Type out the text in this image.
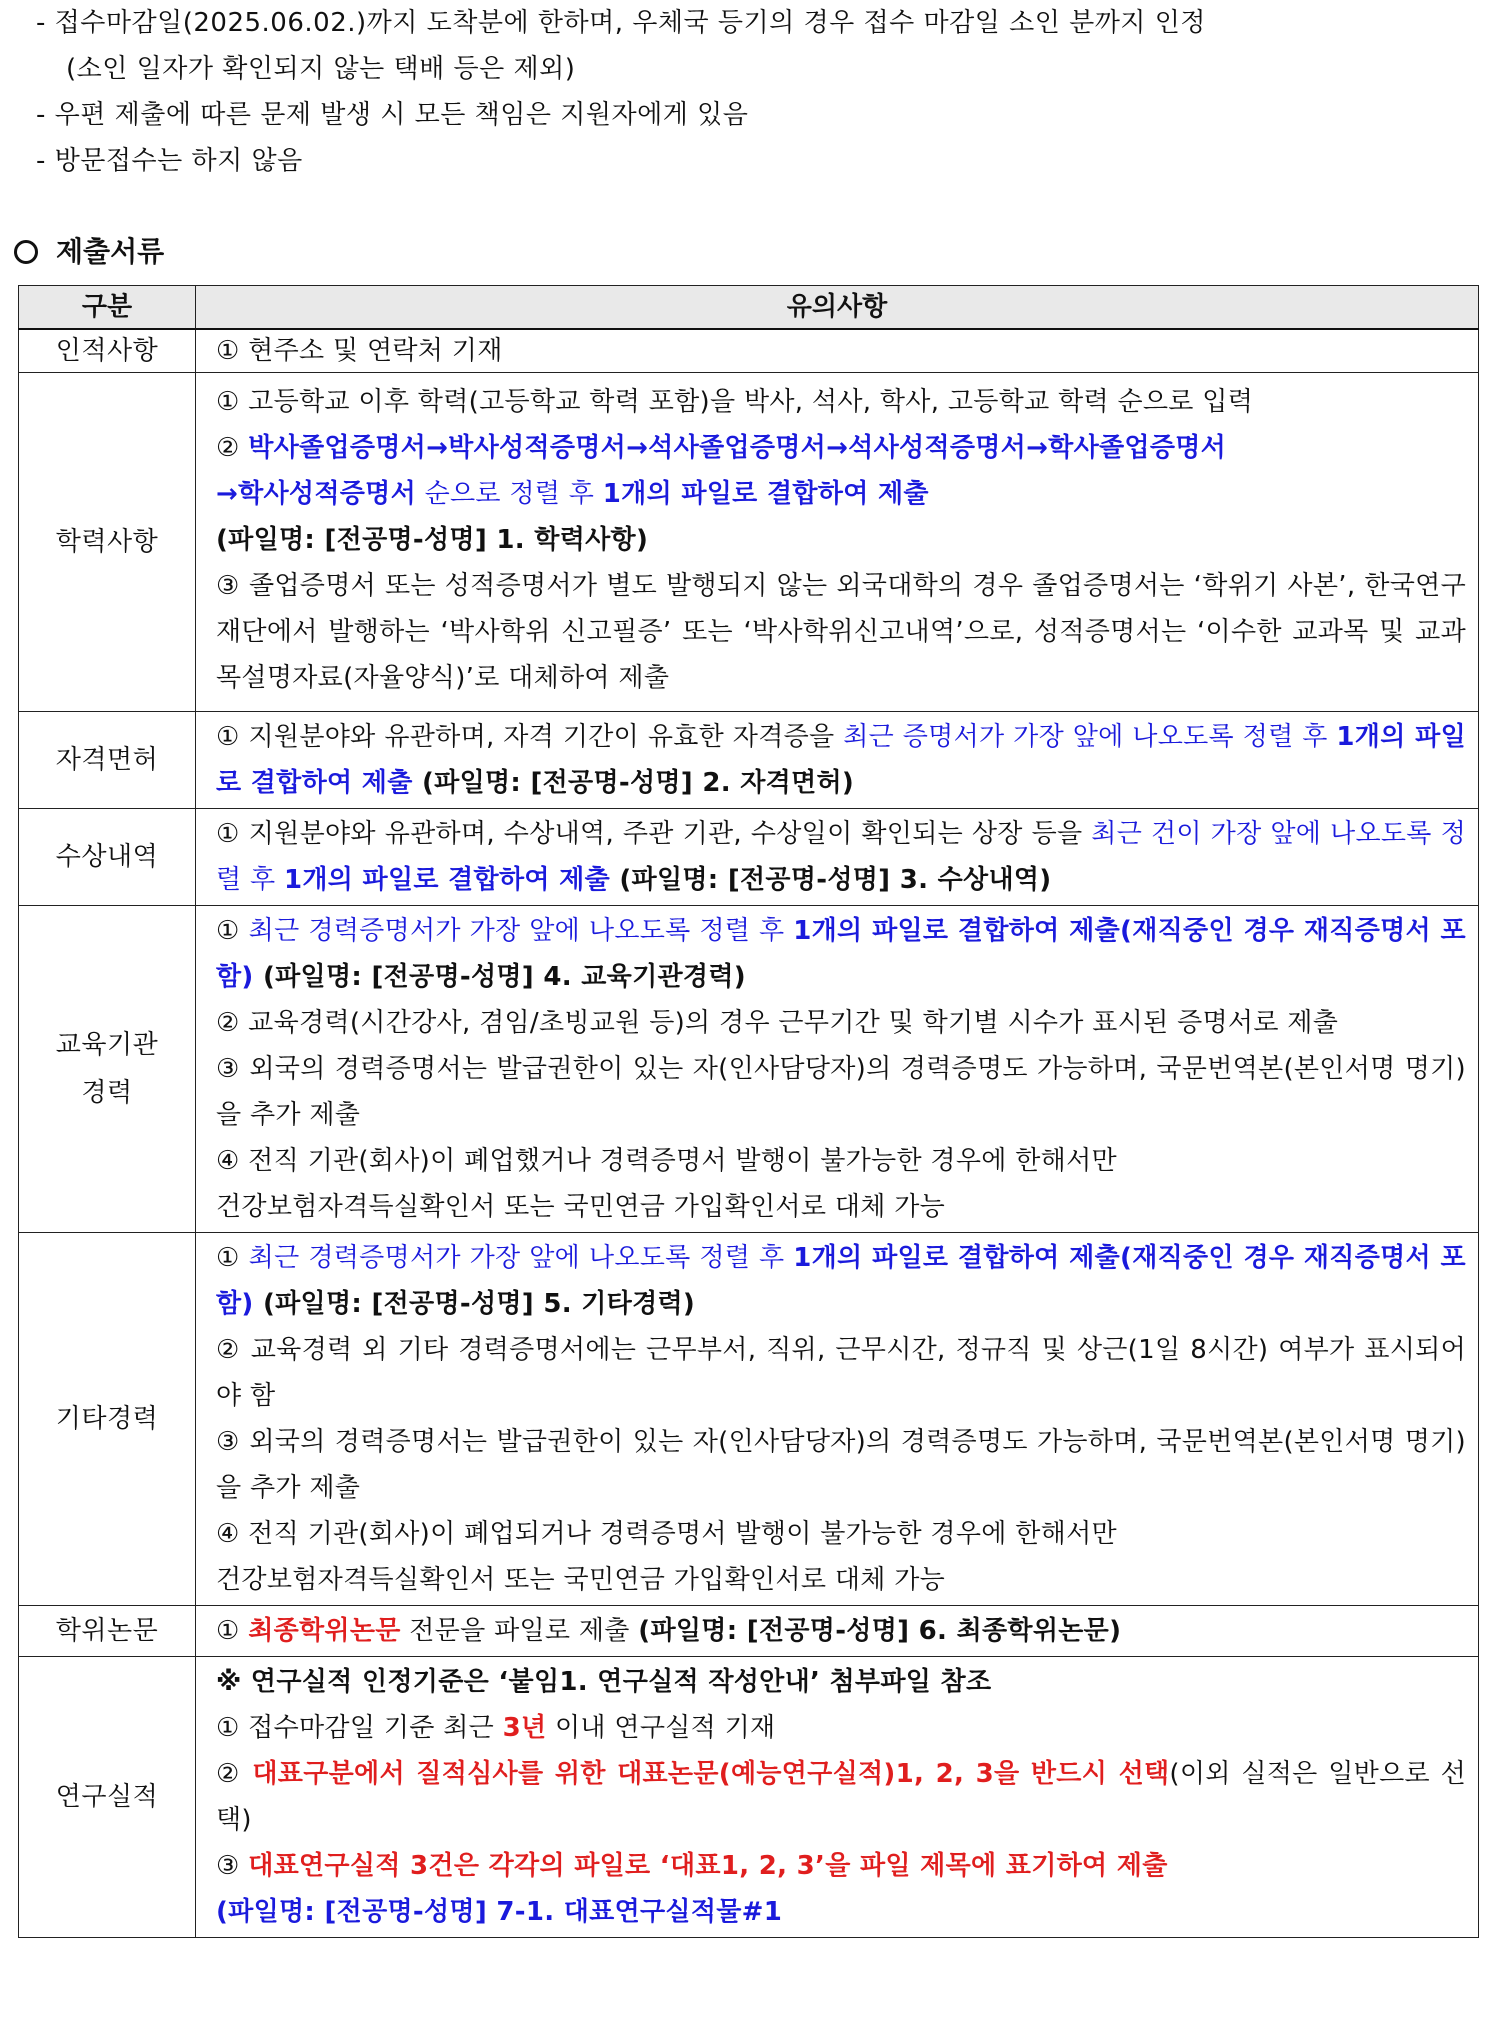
- 접수마감일(2025.06.02.)까지 도착분에 한하며, 우체국 등기의 경우 접수 마감일 소인 분까지 인정
(소인 일자가 확인되지 않는 택배 등은 제외)
- 우편 제출에 따른 문제 발생 시 모든 책임은 지원자에게 있음
- 방문접수는 하지 않음
제출서류
구분	유의사항
인적사항	① 현주소 및 연락처 기재
학력사항	① 고등학교 이후 학력(고등학교 학력 포함)을 박사, 석사, 학사, 고등학교 학력 순으로 입력
② 박사졸업증명서→박사성적증명서→석사졸업증명서→석사성적증명서→학사졸업증명서
→학사성적증명서 순으로 정렬 후 1개의 파일로 결합하여 제출
(파일명: [전공명-성명] 1. 학력사항)
③ 졸업증명서 또는 성적증명서가 별도 발행되지 않는 외국대학의 경우 졸업증명서는 ‘학위기 사본’, 한국연구재단에서 발행하는 ‘박사학위 신고필증’ 또는 ‘박사학위신고내역’으로, 성적증명서는 ‘이수한 교과목 및 교과목설명자료(자율양식)’로 대체하여 제출

자격면허	① 지원분야와 유관하며, 자격 기간이 유효한 자격증을 최근 증명서가 가장 앞에 나오도록 정렬 후 1개의 파일로 결합하여 제출 (파일명: [전공명-성명] 2. 자격면허)
수상내역	① 지원분야와 유관하며, 수상내역, 주관 기관, 수상일이 확인되는 상장 등을 최근 건이 가장 앞에 나오도록 정렬 후 1개의 파일로 결합하여 제출 (파일명: [전공명-성명] 3. 수상내역)

교육기관
경력	① 최근 경력증명서가 가장 앞에 나오도록 정렬 후 1개의 파일로 결합하여 제출(재직중인 경우 재직증명서 포함) (파일명: [전공명-성명] 4. 교육기관경력)
② 교육경력(시간강사, 겸임/초빙교원 등)의 경우 근무기간 및 학기별 시수가 표시된 증명서로 제출
③ 외국의 경력증명서는 발급권한이 있는 자(인사담당자)의 경력증명도 가능하며, 국문번역본(본인서명 명기)을 추가 제출
④ 전직 기관(회사)이 폐업했거나 경력증명서 발행이 불가능한 경우에 한해서만
건강보험자격득실확인서 또는 국민연금 가입확인서로 대체 가능

기타경력	① 최근 경력증명서가 가장 앞에 나오도록 정렬 후 1개의 파일로 결합하여 제출(재직중인 경우 재직증명서 포함) (파일명: [전공명-성명] 5. 기타경력)
② 교육경력 외 기타 경력증명서에는 근무부서, 직위, 근무시간, 정규직 및 상근(1일 8시간) 여부가 표시되어야 함
③ 외국의 경력증명서는 발급권한이 있는 자(인사담당자)의 경력증명도 가능하며, 국문번역본(본인서명 명기)을 추가 제출
④ 전직 기관(회사)이 폐업되거나 경력증명서 발행이 불가능한 경우에 한해서만
건강보험자격득실확인서 또는 국민연금 가입확인서로 대체 가능

학위논문	① 최종학위논문 전문을 파일로 제출 (파일명: [전공명-성명] 6. 최종학위논문)
연구실적	※ 연구실적 인정기준은 ‘붙임1. 연구실적 작성안내’ 첨부파일 참조
① 접수마감일 기준 최근 3년 이내 연구실적 기재
② 대표구분에서 질적심사를 위한 대표논문(예능연구실적)1, 2, 3을 반드시 선택(이외 실적은 일반으로 선택)
③ 대표연구실적 3건은 각각의 파일로 ‘대표1, 2, 3’을 파일 제목에 표기하여 제출
(파일명: [전공명-성명] 7-1. 대표연구실적물#1
